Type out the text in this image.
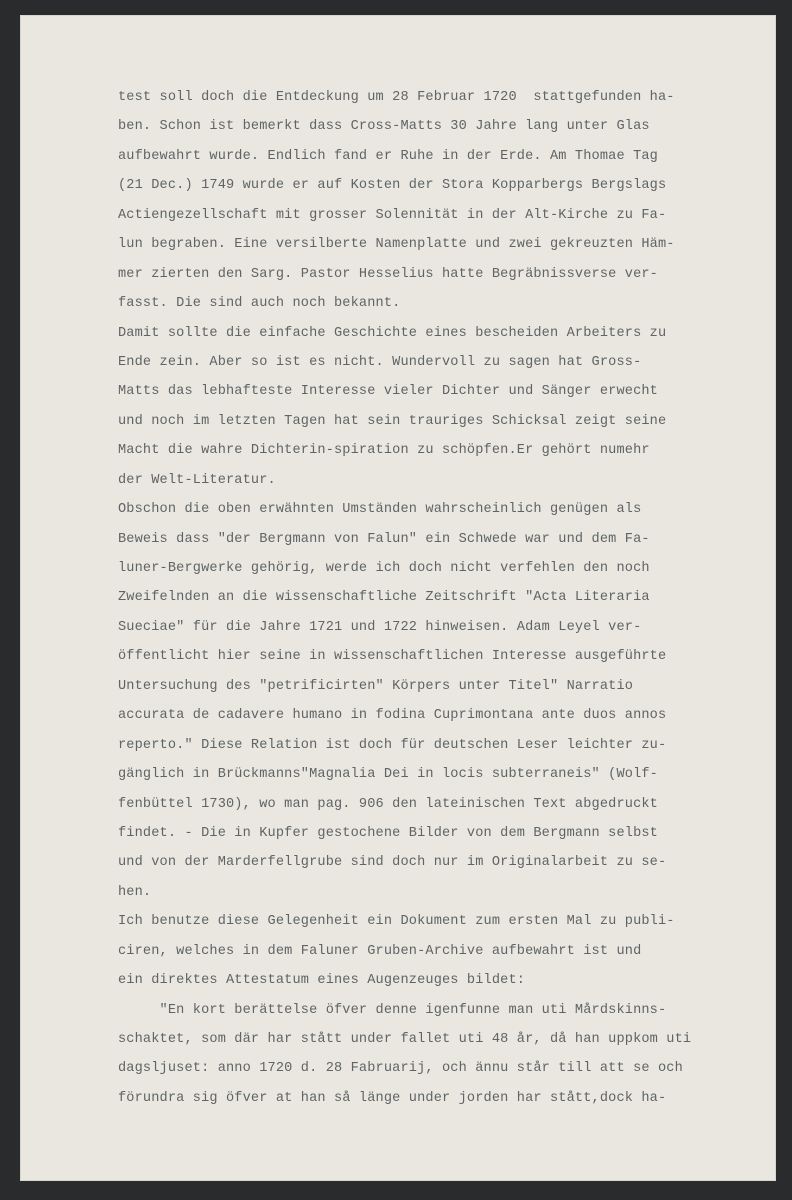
test soll doch die Entdeckung um 28 Februar 1720  stattgefunden ha-
ben. Schon ist bemerkt dass Cross-Matts 30 Jahre lang unter Glas
aufbewahrt wurde. Endlich fand er Ruhe in der Erde. Am Thomae Tag
(21 Dec.) 1749 wurde er auf Kosten der Stora Kopparbergs Bergslags
Actiengezellschaft mit grosser Solennität in der Alt-Kirche zu Fa-
lun begraben. Eine versilberte Namenplatte und zwei gekreuzten Häm-
mer zierten den Sarg. Pastor Hesselius hatte Begräbnissverse ver-
fasst. Die sind auch noch bekannt.
Damit sollte die einfache Geschichte eines bescheiden Arbeiters zu
Ende zein. Aber so ist es nicht. Wundervoll zu sagen hat Gross-
Matts das lebhafteste Interesse vieler Dichter und Sänger erwecht
und noch im letzten Tagen hat sein trauriges Schicksal zeigt seine
Macht die wahre Dichterin-spiration zu schöpfen.Er gehört numehr
der Welt-Literatur.
Obschon die oben erwähnten Umständen wahrscheinlich genügen als
Beweis dass "der Bergmann von Falun" ein Schwede war und dem Fa-
luner-Bergwerke gehörig, werde ich doch nicht verfehlen den noch
Zweifelnden an die wissenschaftliche Zeitschrift "Acta Literaria
Sueciae" für die Jahre 1721 und 1722 hinweisen. Adam Leyel ver-
öffentlicht hier seine in wissenschaftlichen Interesse ausgeführte
Untersuchung des "petrificirten" Körpers unter Titel" Narratio
accurata de cadavere humano in fodina Cuprimontana ante duos annos
reperto." Diese Relation ist doch für deutschen Leser leichter zu-
gänglich in Brückmanns"Magnalia Dei in locis subterraneis" (Wolf-
fenbüttel 1730), wo man pag. 906 den lateinischen Text abgedruckt
findet. - Die in Kupfer gestochene Bilder von dem Bergmann selbst
und von der Marderfellgrube sind doch nur im Originalarbeit zu se-
hen.
Ich benutze diese Gelegenheit ein Dokument zum ersten Mal zu publi-
ciren, welches in dem Faluner Gruben-Archive aufbewahrt ist und
ein direktes Attestatum eines Augenzeuges bildet:
"En kort berättelse öfver denne igenfunne man uti Mårdskinns-
schaktet, som där har stått under fallet uti 48 år, då han uppkom uti
dagsljuset: anno 1720 d. 28 Fabruarij, och ännu står till att se och
förundra sig öfver at han så länge under jorden har stått,dock ha-
